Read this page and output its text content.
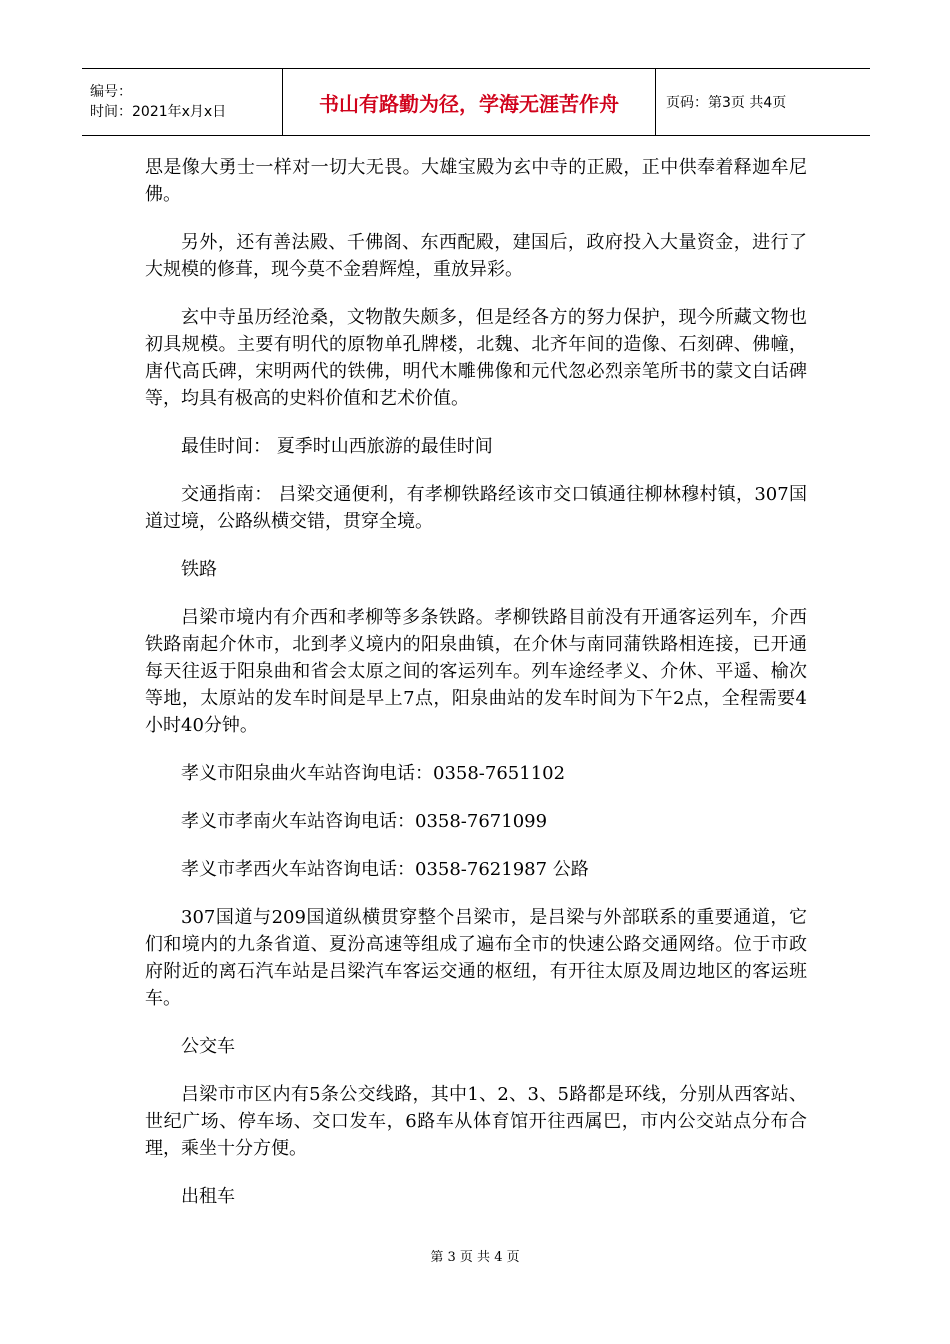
编号：
时间：2021年x月x日	书山有路勤为径，学海无涯苦作舟	页码：第3页 共4页

思是像大勇士一样对一切大无畏。大雄宝殿为玄中寺的正殿，正中供奉着释迦牟尼佛。

另外，还有善法殿、千佛阁、东西配殿，建国后，政府投入大量资金，进行了大规模的修葺，现今莫不金碧辉煌，重放异彩。

玄中寺虽历经沧桑，文物散失颇多，但是经各方的努力保护，现今所藏文物也初具规模。主要有明代的原物单孔牌楼，北魏、北齐年间的造像、石刻碑、佛幢，唐代高氏碑，宋明两代的铁佛，明代木雕佛像和元代忽必烈亲笔所书的蒙文白话碑等，均具有极高的史料价值和艺术价值。

最佳时间： 夏季时山西旅游的最佳时间

交通指南： 吕梁交通便利，有孝柳铁路经该市交口镇通往柳林穆村镇，307国道过境，公路纵横交错，贯穿全境。

铁路

吕梁市境内有介西和孝柳等多条铁路。孝柳铁路目前没有开通客运列车，介西铁路南起介休市，北到孝义境内的阳泉曲镇，在介休与南同蒲铁路相连接，已开通每天往返于阳泉曲和省会太原之间的客运列车。列车途经孝义、介休、平遥、榆次等地，太原站的发车时间是早上7点，阳泉曲站的发车时间为下午2点，全程需要4小时40分钟。

孝义市阳泉曲火车站咨询电话：0358-7651102

孝义市孝南火车站咨询电话：0358-7671099

孝义市孝西火车站咨询电话：0358-7621987 公路

307国道与209国道纵横贯穿整个吕梁市，是吕梁与外部联系的重要通道，它们和境内的九条省道、夏汾高速等组成了遍布全市的快速公路交通网络。位于市政府附近的离石汽车站是吕梁汽车客运交通的枢纽，有开往太原及周边地区的客运班车。

公交车

吕梁市市区内有5条公交线路，其中1、2、3、5路都是环线，分别从西客站、世纪广场、停车场、交口发车，6路车从体育馆开往西属巴，市内公交站点分布合理，乘坐十分方便。

出租车

第 3 页 共 4 页
